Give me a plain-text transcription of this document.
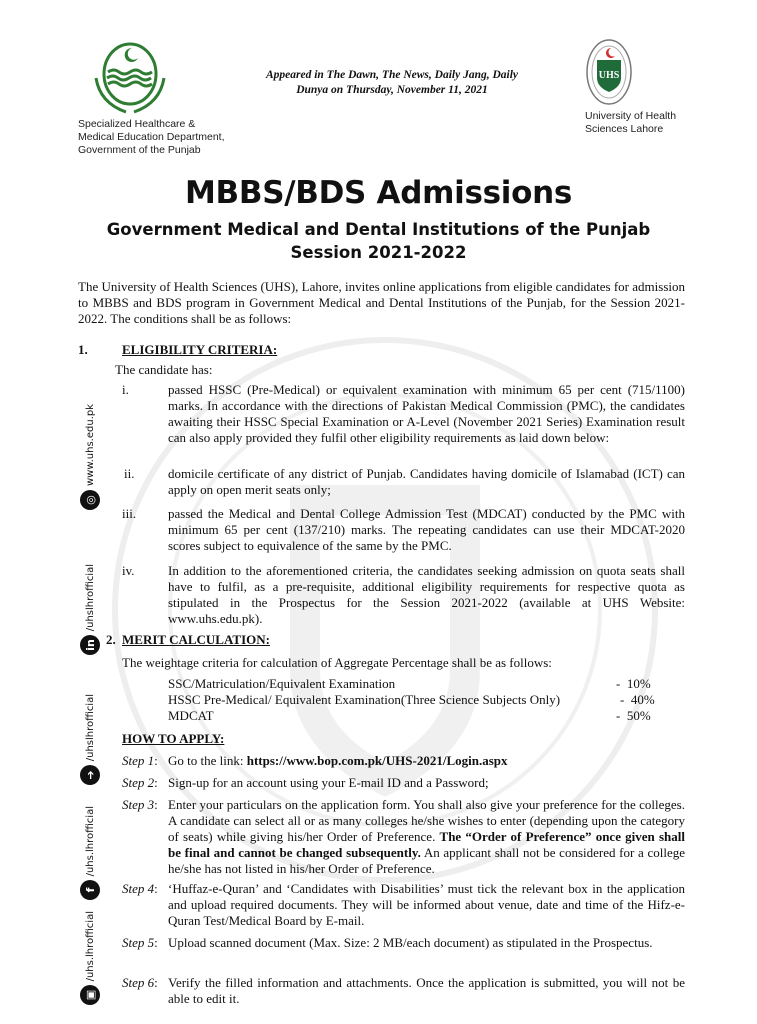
Specialized Healthcare &
Medical Education Department,
Government of the Punjab
Appeared in The Dawn, The News, Daily Jang, Daily
Dunya on Thursday, November 11, 2021
UHS
University of Health
Sciences Lahore
MBBS/BDS Admissions
Government Medical and Dental Institutions of the Punjab
Session 2021-2022
The University of Health Sciences (UHS), Lahore, invites online applications from eligible candidates for admission to MBBS and BDS program in Government Medical and Dental Institutions of the Punjab, for the Session 2021-2022. The conditions shall be as follows:
1.	ELIGIBILITY CRITERIA:
The candidate has:
i.	passed HSSC (Pre-Medical) or equivalent examination with minimum 65 per cent (715/1100) marks. In accordance with the directions of Pakistan Medical Commission (PMC), the candidates awaiting their HSSC Special Examination or A-Level (November 2021 Series) Examination result can also apply provided they fulfil other eligibility requirements as laid down below:
ii.	domicile certificate of any district of Punjab. Candidates having domicile of Islamabad (ICT) can apply on open merit seats only;
iii. passed the Medical and Dental College Admission Test (MDCAT) conducted by the PMC with minimum 65 per cent (137/210) marks. The repeating candidates can use their MDCAT-2020 scores subject to equivalence of the same by the PMC.
iv.	In addition to the aforementioned criteria, the candidates seeking admission on quota seats shall have to fulfil, as a pre-requisite, additional eligibility requirements for respective quota as stipulated in the Prospectus for the Session 2021-2022 (available at UHS Website: www.uhs.edu.pk).
2. MERIT CALCULATION:
The weightage criteria for calculation of Aggregate Percentage shall be as follows:
SSC/Matriculation/Equivalent Examination	-  10%
HSSC Pre-Medical/ Equivalent Examination(Three Science Subjects Only)	-  40%
MDCAT	-  50%
HOW TO APPLY:
Step 1: Go to the link: https://www.bop.com.pk/UHS-2021/Login.aspx
Step 2: Sign-up for an account using your E-mail ID and a Password;
Step 3: Enter your particulars on the application form. You shall also give your preference for the colleges. A candidate can select all or as many colleges he/she wishes to enter (depending upon the category of seats) while giving his/her Order of Preference. The “Order of Preference” once given shall be final and cannot be changed subsequently. An applicant shall not be considered for a college he/she has not listed in his/her Order of Preference.
Step 4: ‘Huffaz-e-Quran’ and ‘Candidates with Disabilities’ must tick the relevant box in the application and upload required documents. They will be informed about venue, date and time of the Hifz-e-Quran Test/Medical Board by E-mail.
Step 5: Upload scanned document (Max. Size: 2 MB/each document) as stipulated in the Prospectus.
Step 6: Verify the filled information and attachments. Once the application is submitted, you will not be able to edit it.
◎
www.uhs.edu.pk
in
/uhslhrofficial
➔
/uhslhrofficial
f
/uhs.lhrofficial
▣
/uhs.lhrofficial
